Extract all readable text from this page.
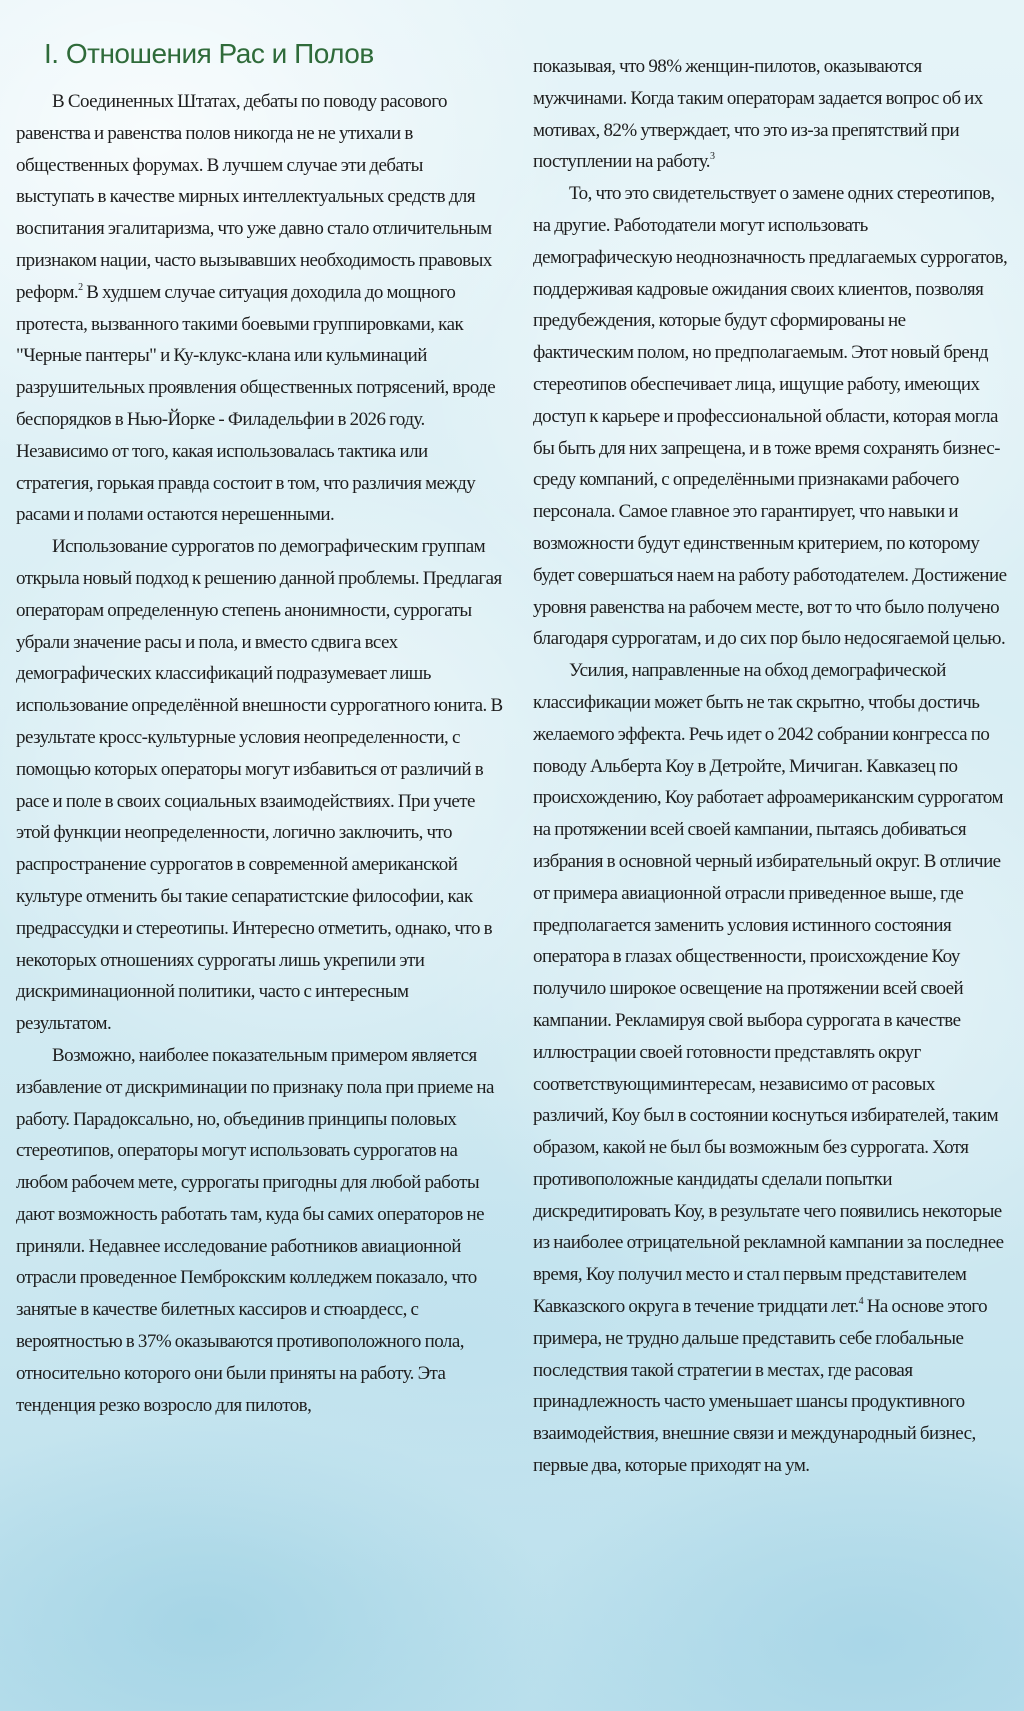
I. Отношения Рас и Полов

В Соединенных Штатах, дебаты по поводу расового равенства и равенства полов никогда не не утихали в общественных форумах. В лучшем случае эти дебаты выступать в качестве мирных интеллектуальных средств для воспитания эгалитаризма, что уже давно стало отличительным признаком нации, часто вызывавших необходимость правовых реформ.$^2$ В худшем случае ситуация доходила до мощного протеста, вызванного такими боевыми группировками, как "Черные пантеры" и Ку-клукс-клана или кульминаций разрушительных проявления общественных потрясений, вроде беспорядков в Нью-Йорке - Филадельфии в 2026 году. Независимо от того, какая использовалась тактика или стратегия, горькая правда состоит в том, что различия между расами и полами остаются нерешенными.

Использование суррогатов по демографическим группам открыла новый подход к решению данной проблемы. Предлагая операторам определенную степень анонимности, суррогаты убрали значение расы и пола, и вместо сдвига всех демографических классификаций подразумевает лишь использование определённой внешности суррогатного юнита. В результате кросс-культурные условия неопределенности, с помощью которых операторы могут избавиться от различий в расе и поле в своих социальных взаимодействиях. При учете этой функции неопределенности, логично заключить, что распространение суррогатов в современной американской культуре отменить бы такие сепаратистские философии, как предрассудки и стереотипы. Интересно отметить, однако, что в некоторых отношениях суррогаты лишь укрепили эти дискриминационной политики, часто с интересным результатом.

Возможно, наиболее показательным примером является избавление от дискриминации по признаку пола при приеме на работу. Парадоксально, но, объединив принципы половых стереотипов, операторы могут использовать суррогатов на любом рабочем мете, суррогаты пригодны для любой работы дают возможность работать там, куда бы самих операторов не приняли. Недавнее исследование работников авиационной отрасли проведенное Пемброкским колледжем показало, что занятые в качестве билетных кассиров и стюардесс, с вероятностью в 37% оказываются противоположного пола, относительно которого они были приняты на работу. Эта тенденция резко возросло для пилотов,

показывая, что 98% женщин-пилотов, оказываются мужчинами. Когда таким операторам задается вопрос об их мотивах, 82% утверждает, что это из-за препятствий при поступлении на работу.$^3$

То, что это свидетельствует о замене одних стереотипов, на другие. Работодатели могут использовать демографическую неоднозначность предлагаемых суррогатов, поддерживая кадровые ожидания своих клиентов, позволяя предубеждения, которые будут сформированы не фактическим полом, но предполагаемым. Этот новый бренд стереотипов обеспечивает лица, ищущие работу, имеющих доступ к карьере и профессиональной области, которая могла бы быть для них запрещена, и в тоже время сохранять бизнес-среду компаний, с определёнными признаками рабочего персонала. Самое главное это гарантирует, что навыки и возможности будут единственным критерием, по которому будет совершаться наем на работу работодателем. Достижение уровня равенства на рабочем месте, вот то что было получено благодаря суррогатам, и до сих пор было недосягаемой целью.

Усилия, направленные на обход демографической классификации может быть не так скрытно, чтобы достичь желаемого эффекта. Речь идет о 2042 собрании конгресса по поводу Альберта Коу в Детройте, Мичиган. Кавказец по происхождению, Коу работает афроамериканским суррогатом на протяжении всей своей кампании, пытаясь добиваться избрания в основной черный избирательный округ. В отличие от примера авиационной отрасли приведенное выше, где предполагается заменить условия истинного состояния оператора в глазах общественности, происхождение Коу получило широкое освещение на протяжении всей своей кампании. Рекламируя свой выбора суррогата в качестве иллюстрации своей готовности представлять округ соответствующиминтересам, независимо от расовых различий, Коу был в состоянии коснуться избирателей, таким образом, какой не был бы возможным без суррогата. Хотя противоположные кандидаты сделали попытки дискредитировать Коу, в результате чего появились некоторые из наиболее отрицательной рекламной кампании за последнее время, Коу получил место и стал первым представителем Кавказского округа в течение тридцати лет.$^4$ На основе этого примера, не трудно дальше представить себе глобальные последствия такой стратегии в местах, где расовая принадлежность часто уменьшает шансы продуктивного взаимодействия, внешние связи и международный бизнес, первые два, которые приходят на ум.
